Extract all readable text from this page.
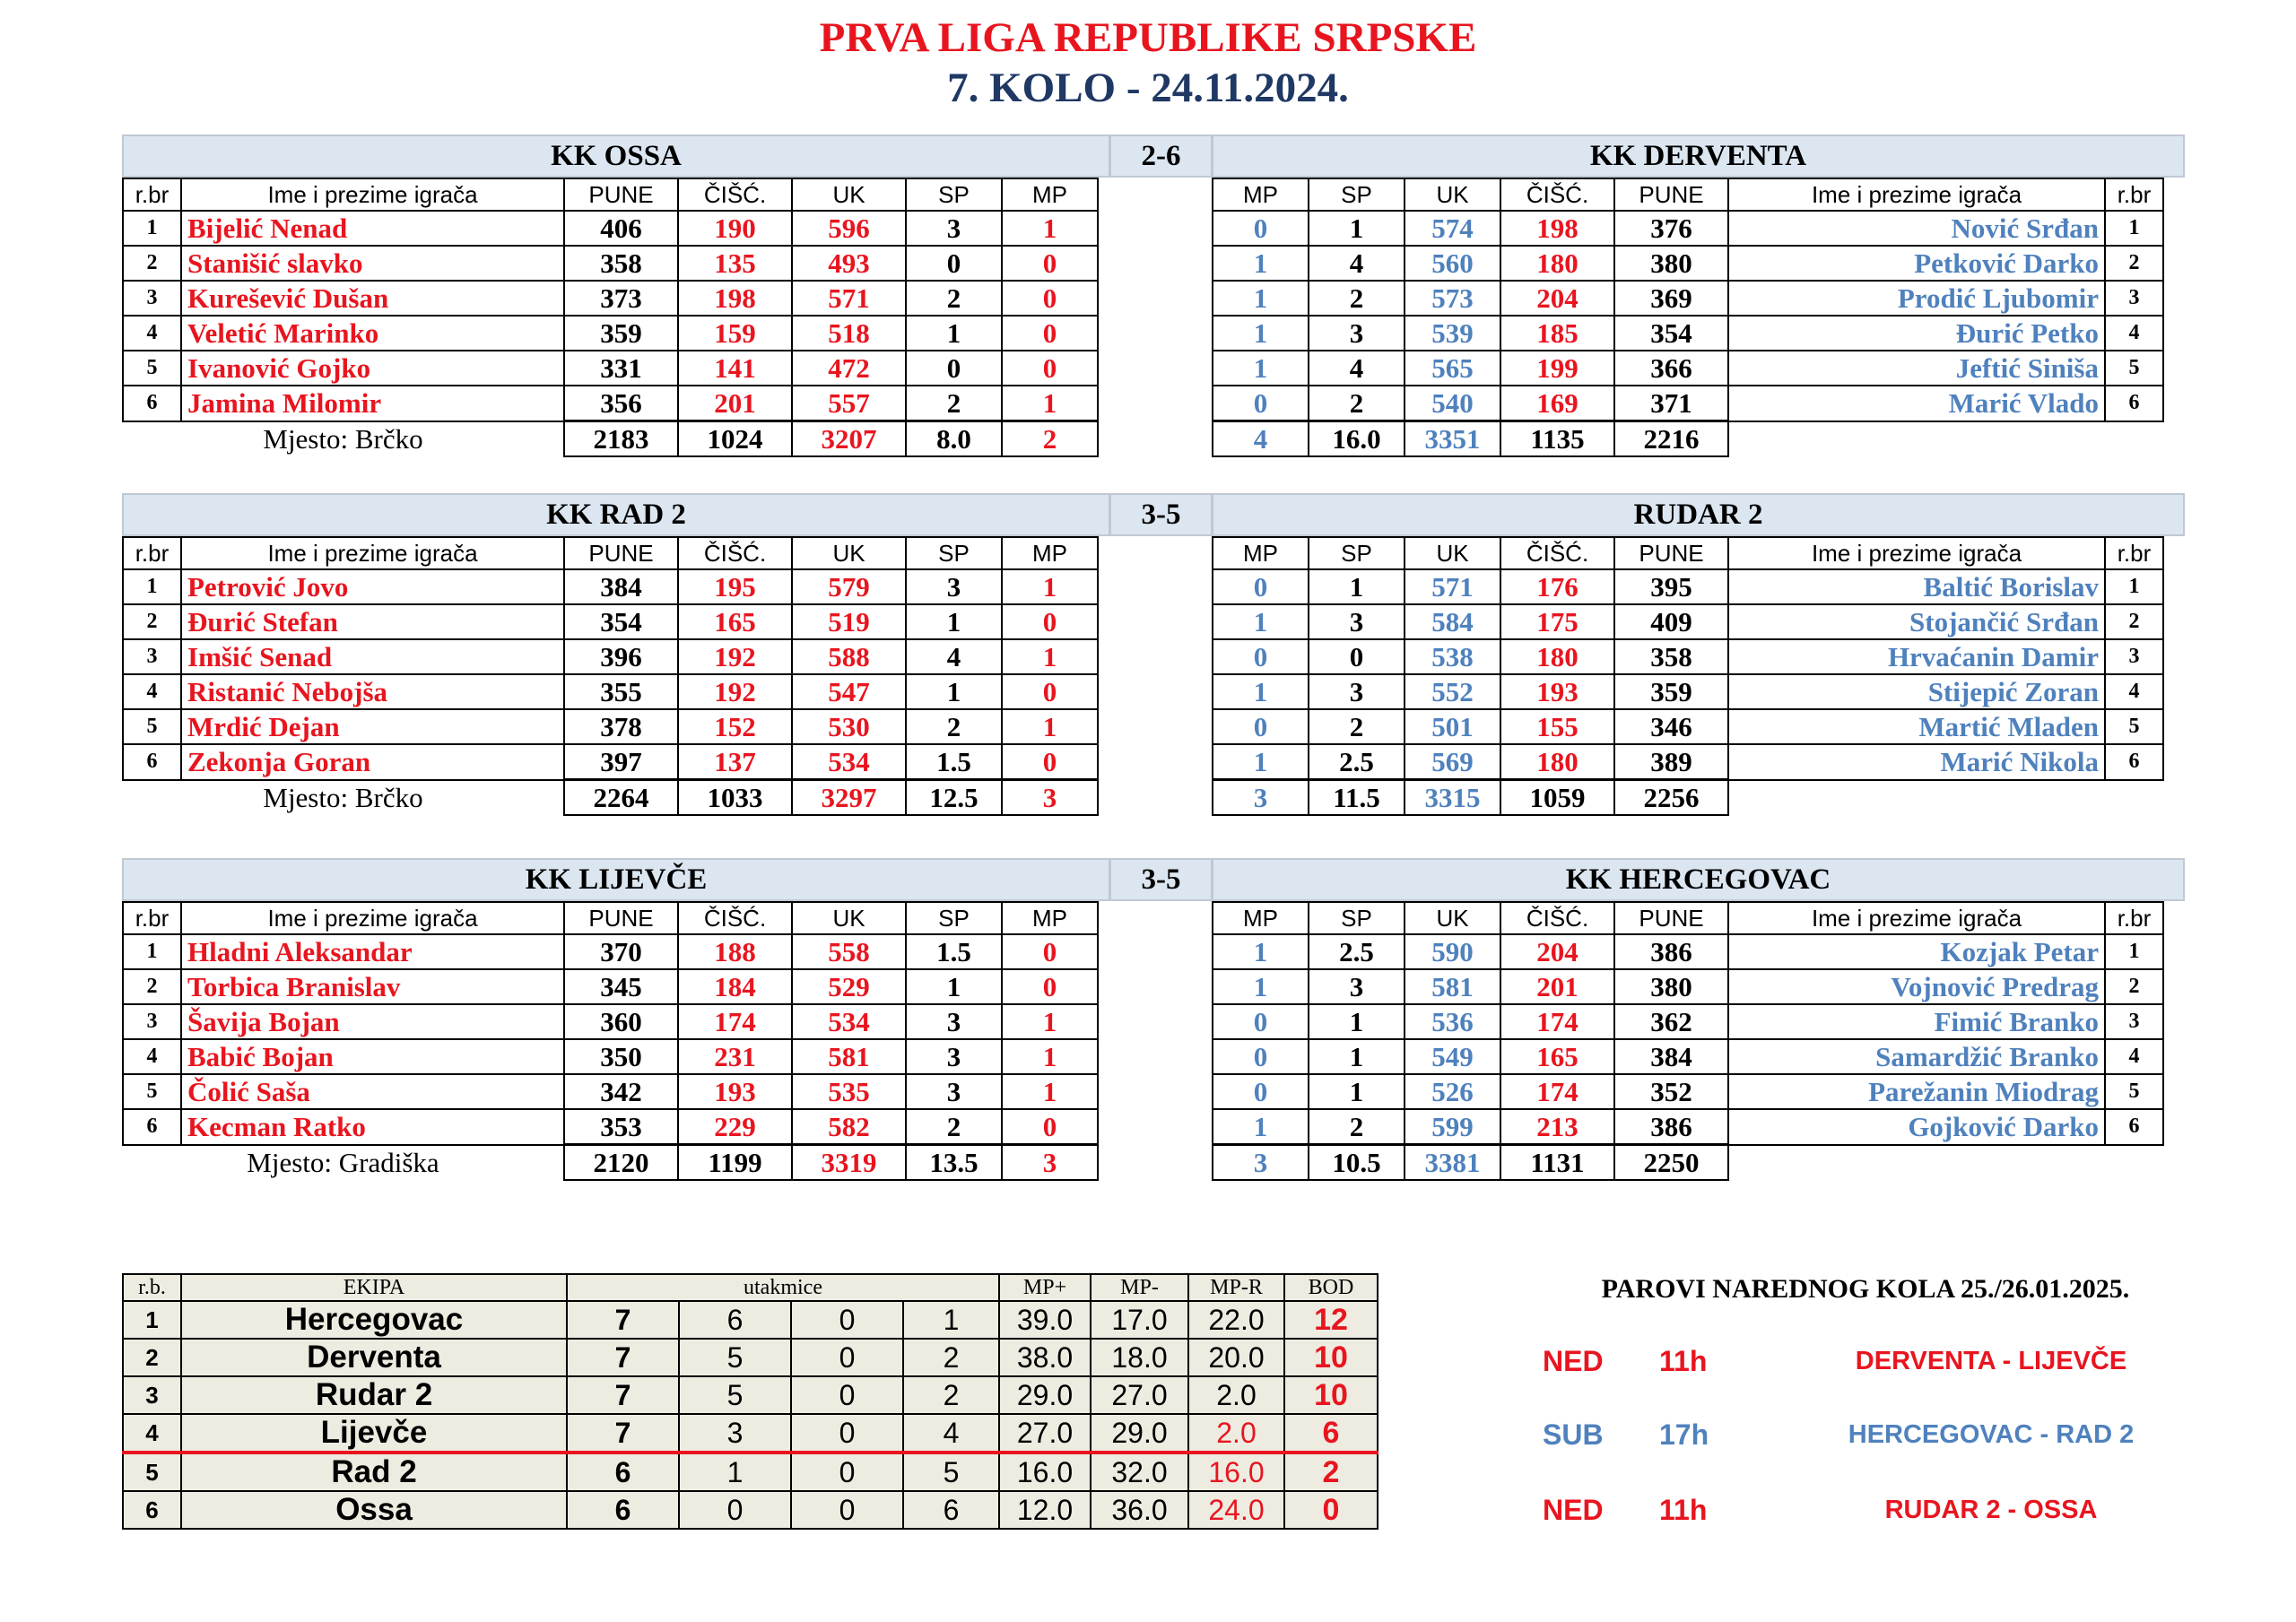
PRVA LIGA REPUBLIKE SRPSKE
7. KOLO - 24.11.2024.
KK OSSA	2-6	KK DERVENTA
r.br	Ime i prezime igrača	PUNE	ČIŠĆ.	UK	SP	MP
1	Bijelić Nenad	406	190	596	3	1
2	Stanišić slavko	358	135	493	0	0
3	Kurešević Dušan	373	198	571	2	0
4	Veletić Marinko	359	159	518	1	0
5	Ivanović Gojko	331	141	472	0	0
6	Jamina Milomir	356	201	557	2	1
Mjesto: Brčko		2183	1024	3207	8.0	2
MP	SP	UK	ČIŠĆ.	PUNE	Ime i prezime igrača	r.br
0	1	574	198	376	Nović Srđan	1
1	4	560	180	380	Petković Darko	2
1	2	573	204	369	Prodić Ljubomir	3
1	3	539	185	354	Đurić Petko	4
1	4	565	199	366	Jeftić Siniša	5
0	2	540	169	371	Marić Vlado	6
4	16.0	3351	1135	2216		
KK RAD 2	3-5	RUDAR 2
r.br	Ime i prezime igrača	PUNE	ČIŠĆ.	UK	SP	MP
1	Petrović Jovo	384	195	579	3	1
2	Đurić Stefan	354	165	519	1	0
3	Imšić Senad	396	192	588	4	1
4	Ristanić Nebojša	355	192	547	1	0
5	Mrdić Dejan	378	152	530	2	1
6	Zekonja Goran	397	137	534	1.5	0
Mjesto: Brčko		2264	1033	3297	12.5	3
MP	SP	UK	ČIŠĆ.	PUNE	Ime i prezime igrača	r.br
0	1	571	176	395	Baltić Borislav	1
1	3	584	175	409	Stojančić Srđan	2
0	0	538	180	358	Hrvaćanin Damir	3
1	3	552	193	359	Stijepić Zoran	4
0	2	501	155	346	Martić Mladen	5
1	2.5	569	180	389	Marić Nikola	6
3	11.5	3315	1059	2256		
KK LIJEVČE	3-5	KK HERCEGOVAC
r.br	Ime i prezime igrača	PUNE	ČIŠĆ.	UK	SP	MP
1	Hladni Aleksandar	370	188	558	1.5	0
2	Torbica Branislav	345	184	529	1	0
3	Šavija Bojan	360	174	534	3	1
4	Babić Bojan	350	231	581	3	1
5	Čolić Saša	342	193	535	3	1
6	Kecman Ratko	353	229	582	2	0
Mjesto: Gradiška		2120	1199	3319	13.5	3
MP	SP	UK	ČIŠĆ.	PUNE	Ime i prezime igrača	r.br
1	2.5	590	204	386	Kozjak Petar	1
1	3	581	201	380	Vojnović Predrag	2
0	1	536	174	362	Fimić Branko	3
0	1	549	165	384	Samardžić Branko	4
0	1	526	174	352	Parežanin Miodrag	5
1	2	599	213	386	Gojković Darko	6
3	10.5	3381	1131	2250		
r.b.	EKIPA	utakmice				MP+	MP-	MP-R	BOD
1	Hercegovac	7	6	0	1	39.0	17.0	22.0	12
2	Derventa	7	5	0	2	38.0	18.0	20.0	10
3	Rudar 2	7	5	0	2	29.0	27.0	2.0	10
4	Lijevče	7	3	0	4	27.0	29.0	2.0	6
5	Rad 2	6	1	0	5	16.0	32.0	16.0	2
6	Ossa	6	0	0	6	12.0	36.0	24.0	0
PAROVI NAREDNOG KOLA 25./26.01.2025.
NED 11h	DERVENTA - LIJEVČE
SUB 17h	HERCEGOVAC - RAD 2
NED 11h	RUDAR 2 - OSSA
